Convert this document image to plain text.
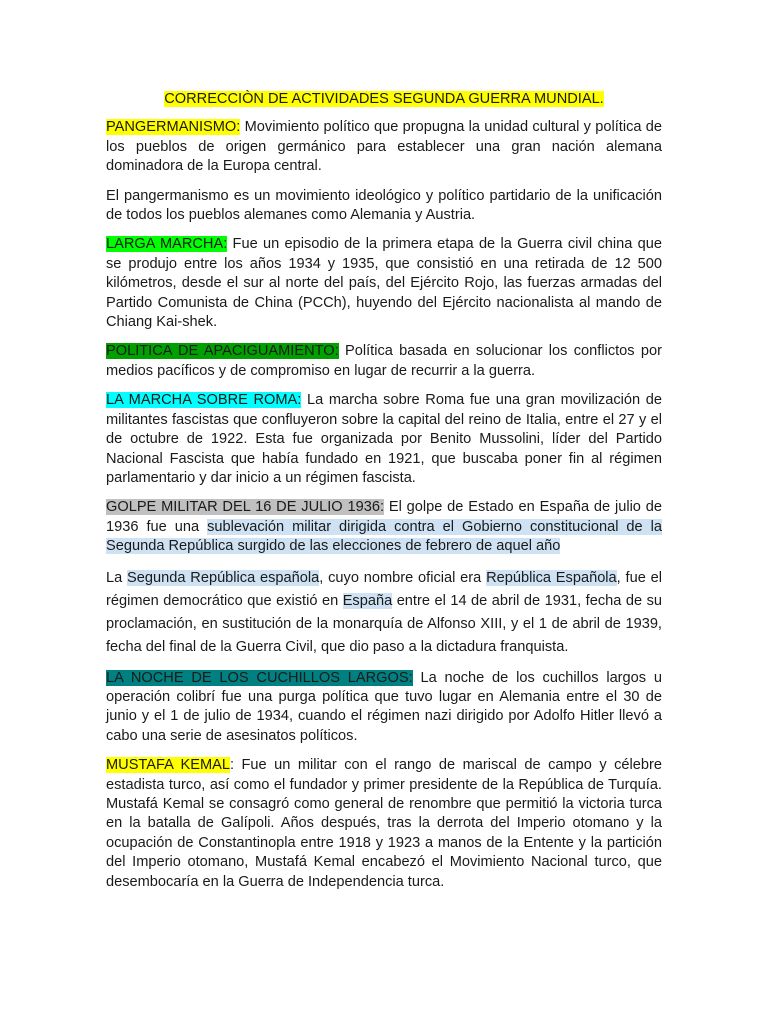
CORRECCIÒN DE ACTIVIDADES SEGUNDA GUERRA MUNDIAL.

PANGERMANISMO: Movimiento político que propugna la unidad cultural y política de los pueblos de origen germánico para establecer una gran nación alemana dominadora de la Europa central.

El pangermanismo es un movimiento ideológico y político partidario de la unificación de todos los pueblos alemanes como Alemania y Austria.

LARGA MARCHA: Fue un episodio de la primera etapa de la Guerra civil china que se produjo entre los años 1934 y 1935, que consistió en una retirada de 12 500 kilómetros, desde el sur al norte del país, del Ejército Rojo, las fuerzas armadas del Partido Comunista de China (PCCh), huyendo del Ejército nacionalista al mando de Chiang Kai-shek.

POLITICA DE APACIGUAMIENTO: Política basada en solucionar los conflictos por medios pacíficos y de compromiso en lugar de recurrir a la guerra.

LA MARCHA SOBRE ROMA: La marcha sobre Roma fue una gran movilización de militantes fascistas que confluyeron sobre la capital del reino de Italia, entre el 27 y el de octubre de 1922. Esta fue organizada por Benito Mussolini, líder del Partido Nacional Fascista que había fundado en 1921, que buscaba poner fin al régimen parlamentario y dar inicio a un régimen fascista.

GOLPE MILITAR DEL 16 DE JULIO 1936: El golpe de Estado en España de julio de 1936 fue una sublevación militar dirigida contra el Gobierno constitucional de la Segunda República surgido de las elecciones de febrero de aquel año

La Segunda República española, cuyo nombre oficial era República Española, fue el régimen democrático que existió en España entre el 14 de abril de 1931, fecha de su proclamación, en sustitución de la monarquía de Alfonso XIII, y el 1 de abril de 1939, fecha del final de la Guerra Civil, que dio paso a la dictadura franquista.

LA NOCHE DE LOS CUCHILLOS LARGOS: La noche de los cuchillos largos u operación colibrí fue una purga política que tuvo lugar en Alemania entre el 30 de junio y el 1 de julio de 1934, cuando el régimen nazi dirigido por Adolfo Hitler llevó a cabo una serie de asesinatos políticos.

MUSTAFA KEMAL: Fue un militar con el rango de mariscal de campo y célebre estadista turco, así como el fundador y primer presidente de la República de Turquía. Mustafá Kemal se consagró como general de renombre que permitió la victoria turca en la batalla de Galípoli. Años después, tras la derrota del Imperio otomano y la ocupación de Constantinopla entre 1918 y 1923 a manos de la Entente y la partición del Imperio otomano, Mustafá Kemal encabezó el Movimiento Nacional turco, que desembocaría en la Guerra de Independencia turca.
